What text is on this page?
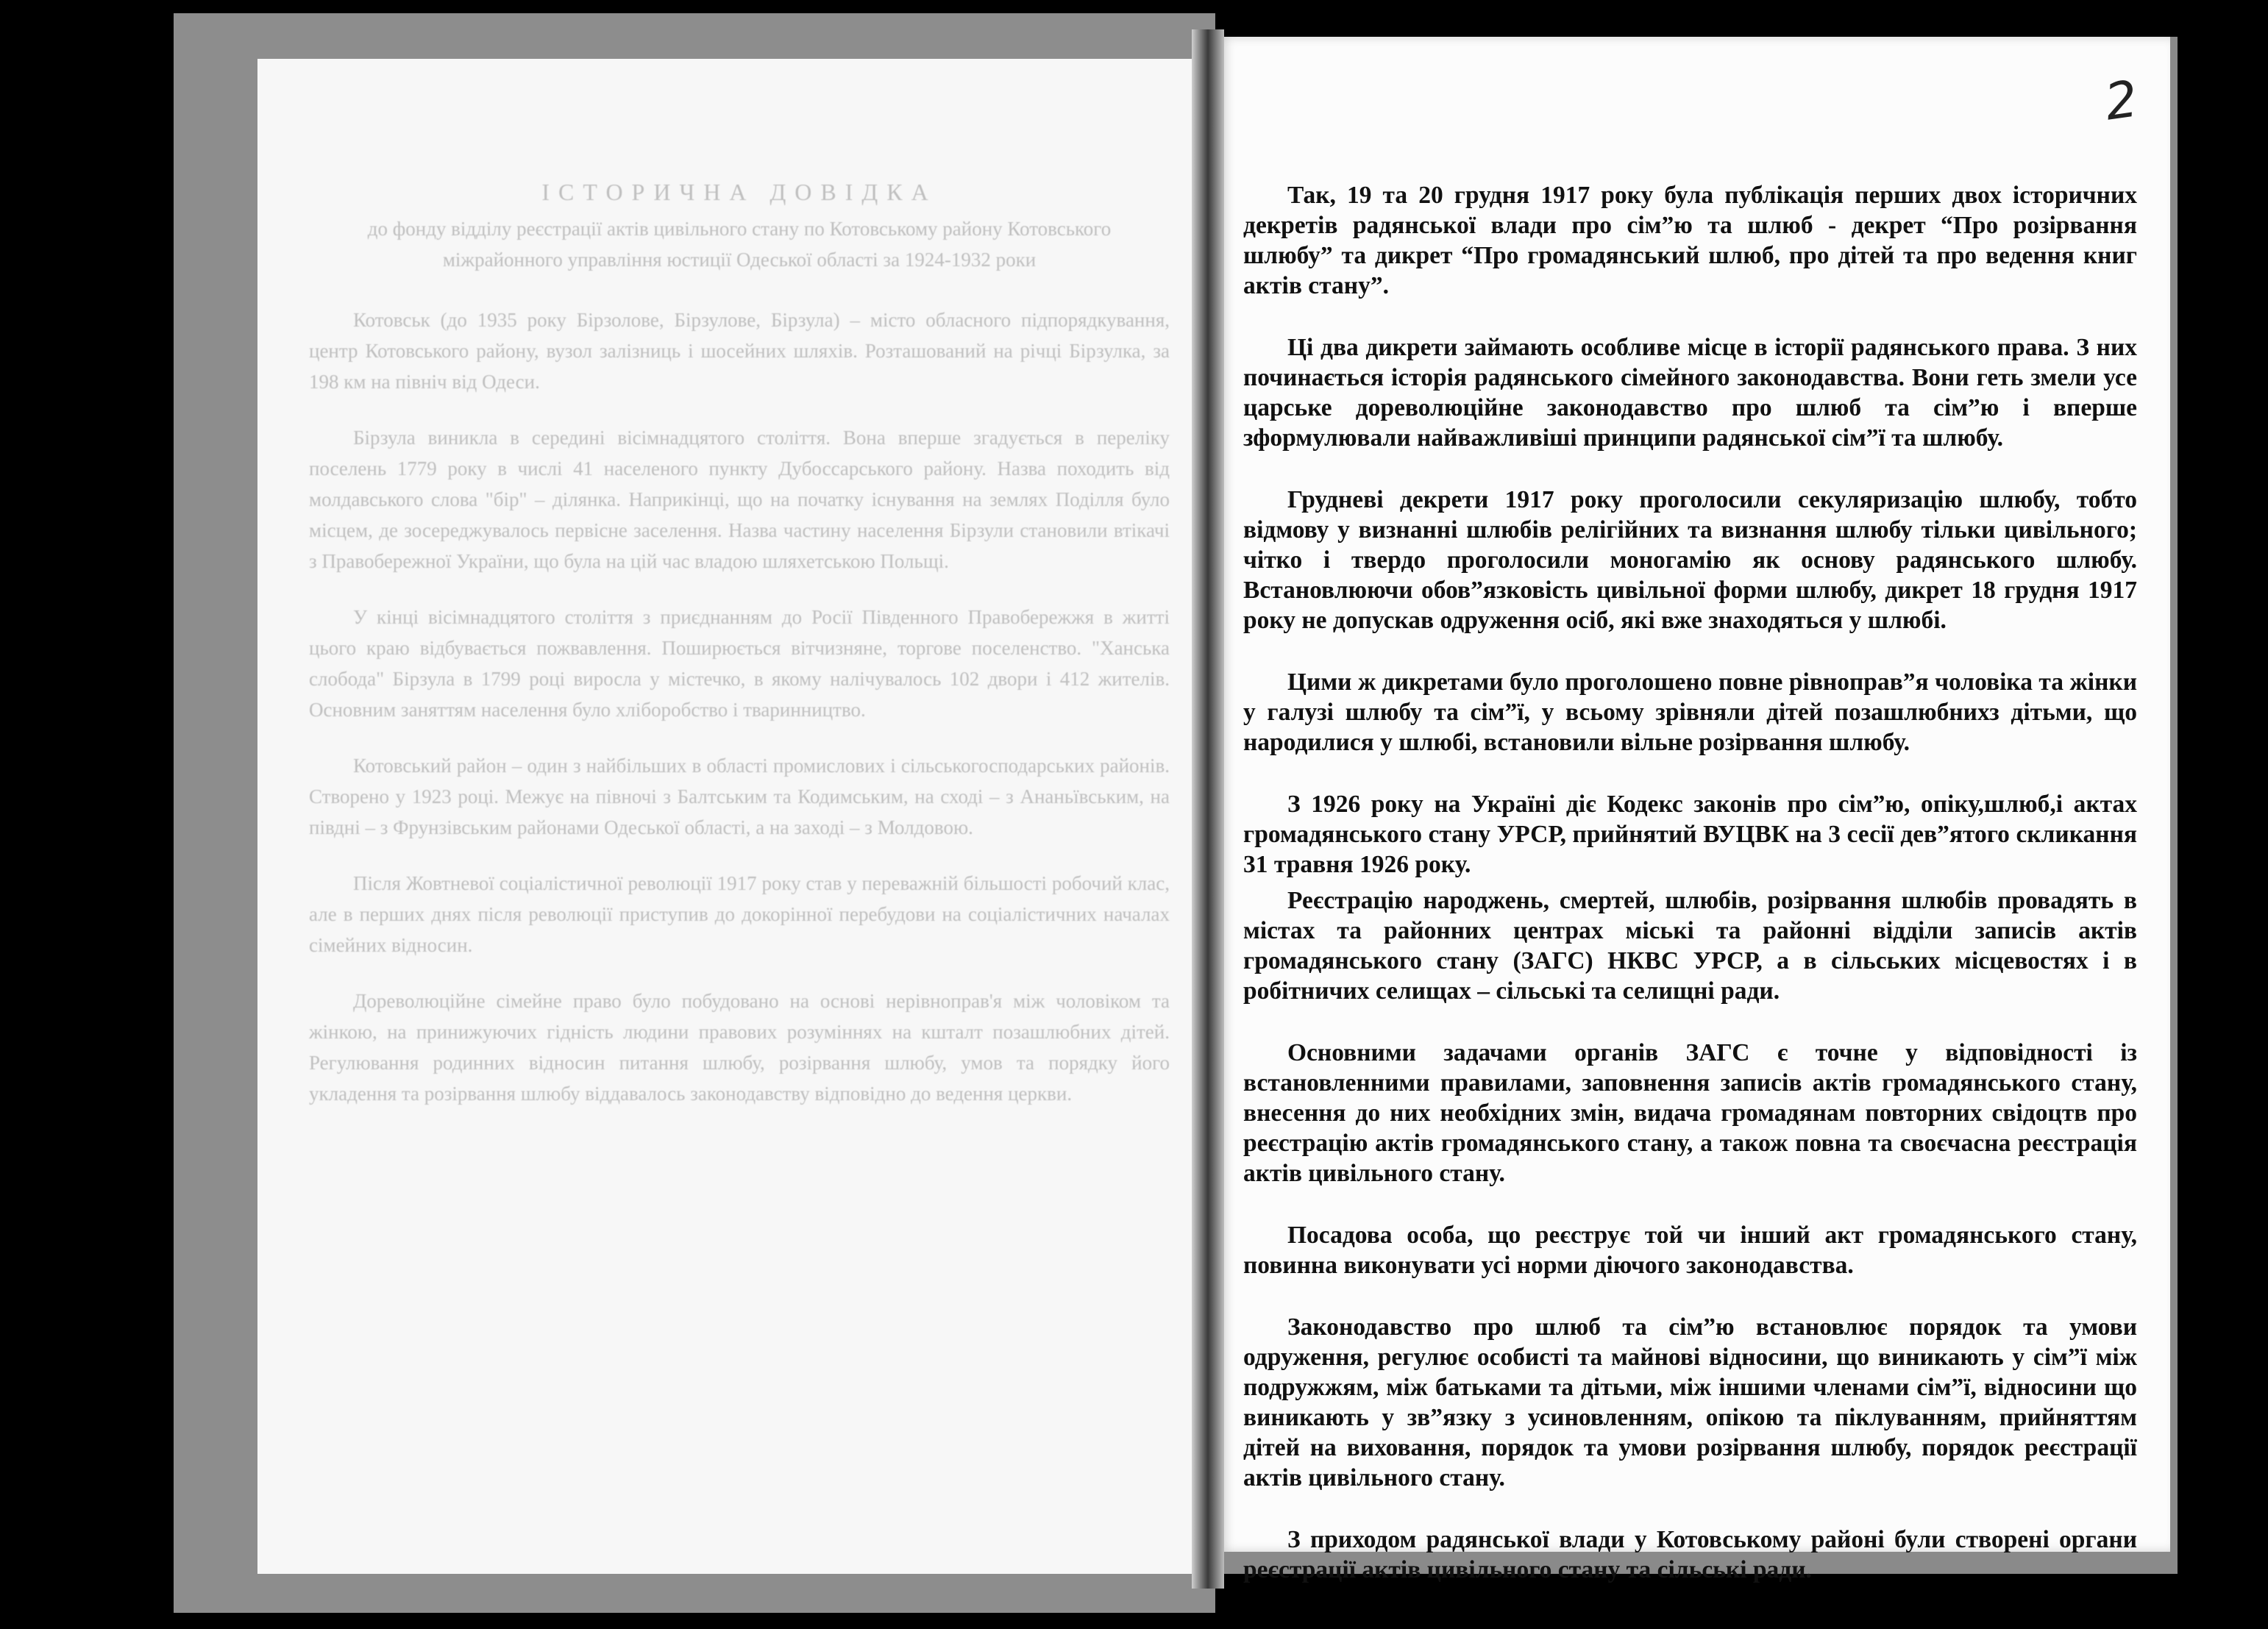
ІСТОРИЧНА ДОВІДКА
до фонду відділу реєстрації актів цивільного стану по Котовському району Котовського міжрайонного управління юстиції Одеської області за 1924-1932 роки

Котовськ (до 1935 року Бірзолове, Бірзулове, Бірзула) – місто обласного підпорядкування, центр Котовського району, вузол залізниць і шосейних шляхів. Розташований на річці Бірзулка, за 198 км на північ від Одеси.

Бірзула виникла в середині вісімнадцятого століття. Вона вперше згадується в переліку поселень 1779 року в числі 41 населеного пункту Дубоссарського рaйону. Назва походить від молдавського слова "бір" – ділянка. Наприкінці, що на початку існування на землях Поділля було місцем, де зосереджувалось первісне заселення. Назва частину населення Бірзули становили втікачі з Правобережної України, що була на цій час владою шляхетською Польщі.

У кінці вісімнадцятого століття з приєднанням до Росії Південного Правобережжя в житті цього краю відбувається пожвавлення. Поширюється вітчизняне, торгове поселенство. "Ханська слобода" Бірзула в 1799 році виросла у містечко, в якому налічувалось 102 двори і 412 жителів. Основним заняттям населення було хліборобство і тваринництво.

Котовський район – один з найбільших в області промислових і сільськогосподарських районів. Створено у 1923 році. Межує на півночі з Балтським та Кодимським, на сході – з Ананьївським, на півдні – з Фрунзівським районами Одеської області, а на заході – з Молдовою.

Після Жовтневої соціалістичної революції 1917 року став у переважній більшості робочий клас, але в перших днях після революції приступив до докорінної перебудови на соціалістичних началах сімейних відносин.

Дореволюційне сімейне право було побудовано на основі нерівноправ'я між чоловіком та жінкою, на принижуючих гідність людини правових розуміннях на кшталт позашлюбних дітей. Регулювання родинних відносин питання шлюбу, розірвання шлюбу, умов та порядку його укладення та розірвання шлюбу віддавалось законодавству відповідно до ведення церкви.

2

Так, 19 та 20 грудня 1917 року була публікація перших двох історичних декретів радянської влади про сім”ю та шлюб - декрет “Про розірвання шлюбу” та дикрет “Про громадянський шлюб, про дітей та про ведення книг актів стану”.

Ці два дикрети займають особливе місце в історії радянського права. З них починається історія радянського сімейного законодавства. Вони геть змели усе царське дореволюційне законодавство про шлюб та сім”ю і вперше зформулювали найважливіші принципи радянської сім”ї та шлюбу.

Грудневі декрети 1917 року проголосили секуляризацію шлюбу, тобто відмову у визнанні шлюбів релігійних та визнання шлюбу тільки цивільного; чітко і твердо проголосили моногамію як основу радянського шлюбу. Встановлюючи обов”язковість цивільної форми шлюбу, дикрет 18 грудня 1917 року не допускав одруження осіб, які вже знаходяться у шлюбі.

Цими ж дикретами було проголошено повне рівноправ”я чоловіка та жінки у галузі шлюбу та сім”ї, у всьому зрівняли дітей позашлюбнихз дітьми, що народилися у шлюбі, встановили вільне розірвання шлюбу.

З 1926 року на Україні діє Кодекс законів про сім”ю, опіку,шлюб,і актах громадянського стану УРСР, прийнятий ВУЦВК на 3 сесії дев”ятого скликання 31 травня 1926 року.

Реєстрацію народжень, смертей, шлюбів, розірвання шлюбів провадять в містах та районних центрах міські та районні відділи записів актів громадянського стану (ЗАГС) НКВС УРСР, а в сільських місцевостях і в робітничих селищах – сільські та селищні ради.

Основними задачами органів ЗАГС є точне у відповідності із встановленними правилами, заповнення записів актів громадянського стану, внесення до них необхідних змін, видача громадянам повторних свідоцтв про реєстрацію актів громадянського стану, а також повна та своєчасна реєстрація актів цивільного стану.

Посадова особа, що реєструє той чи інший акт громадянського стану, повинна виконувати усі норми діючого законодавства.

Законодавство про шлюб та сім”ю встановлює порядок та умови одруження, регулює особисті та майнові відносини, що виникають у сім”ї між подружжям, між батьками та дітьми, між іншими членами сім”ї, відносини що виникають у зв”язку з усиновленням, опікою та піклуванням, прийняттям дітей на виховання, порядок та умови розірвання шлюбу, порядок реєстрації актів цивільного стану.

З приходом радянської влади у Котовському районі були створені органи реєстрації актів цивільного стану та сільські ради.
